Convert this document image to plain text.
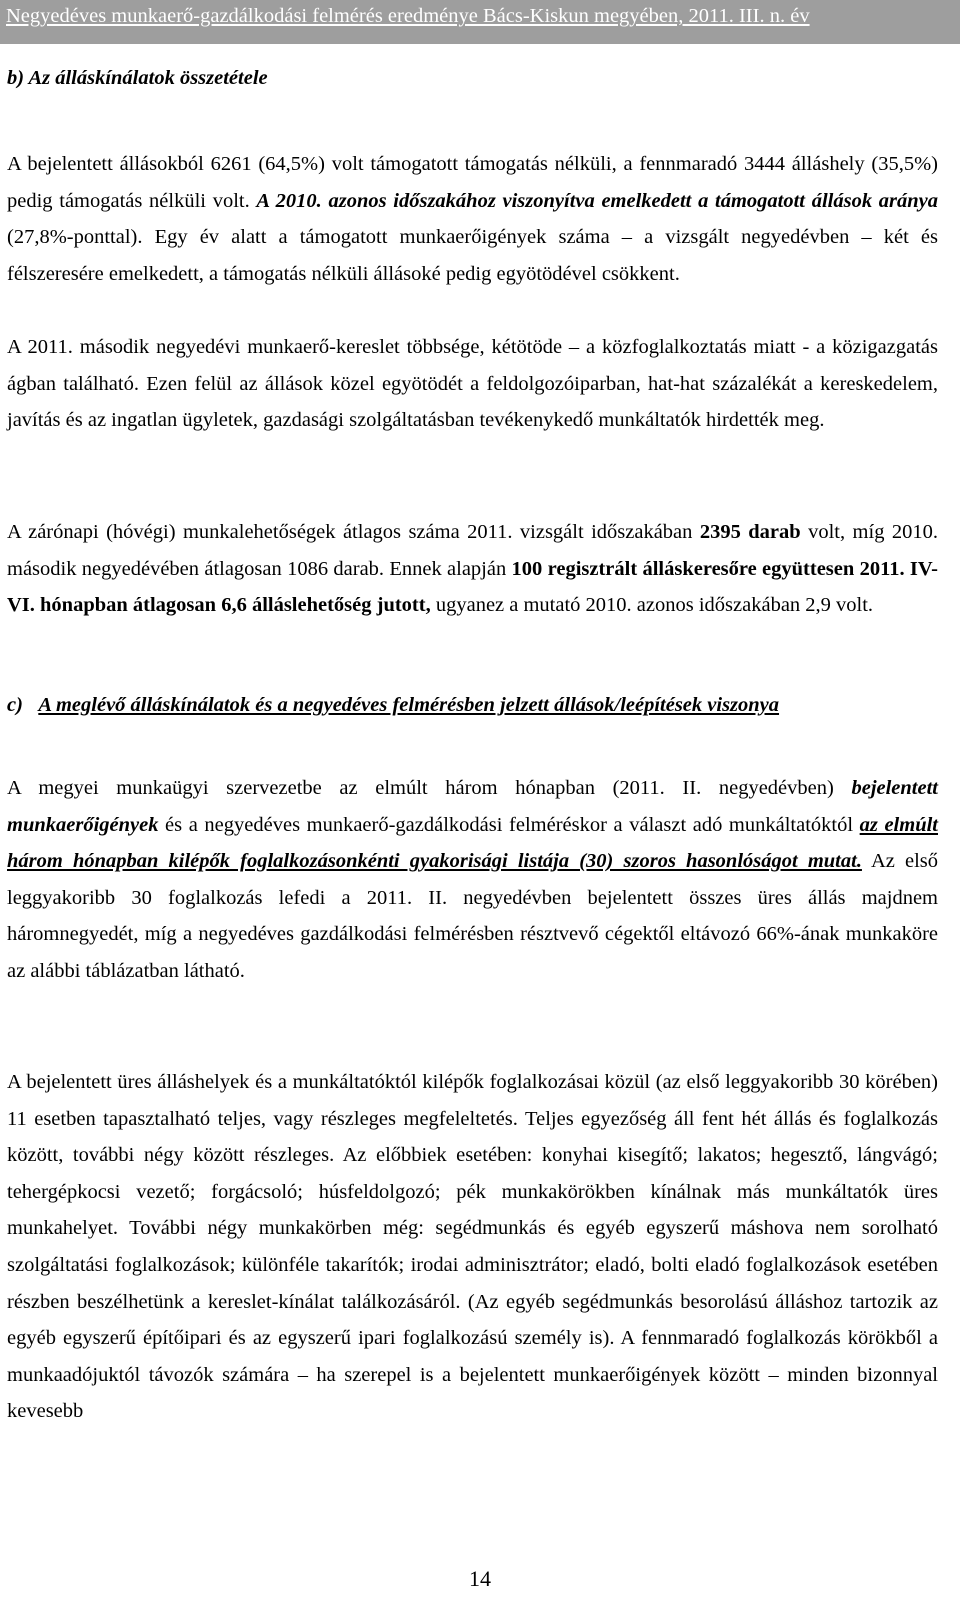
Negyedéves munkaerő-gazdálkodási felmérés eredménye Bács-Kiskun megyében, 2011. III. n. év
b) Az álláskínálatok összetétele

A bejelentett állásokból 6261 (64,5%) volt támogatott támogatás nélküli, a fennmaradó 3444 álláshely (35,5%) pedig támogatás nélküli volt. A 2010. azonos időszakához viszonyítva emelkedett a támogatott állások aránya (27,8%-ponttal). Egy év alatt a támogatott munkaerőigények száma – a vizsgált negyedévben – két és félszeresére emelkedett, a támogatás nélküli állásoké pedig egyötödével csökkent.

A 2011. második negyedévi munkaerő-kereslet többsége, kétötöde – a közfoglalkoztatás miatt - a közigazgatás ágban található. Ezen felül az állások közel egyötödét a feldolgozóiparban, hat-hat százalékát a kereskedelem, javítás és az ingatlan ügyletek, gazdasági szolgáltatásban tevékenykedő munkáltatók hirdették meg.

A zárónapi (hóvégi) munkalehetőségek átlagos száma 2011. vizsgált időszakában 2395 darab volt, míg 2010. második negyedévében átlagosan 1086 darab. Ennek alapján 100 regisztrált álláskeresőre együttesen 2011. IV-VI. hónapban átlagosan 6,6 álláslehetőség jutott, ugyanez a mutató 2010. azonos időszakában 2,9 volt.

c) A meglévő álláskínálatok és a negyedéves felmérésben jelzett állások/leépítések viszonya

A megyei munkaügyi szervezetbe az elmúlt három hónapban (2011. II. negyedévben) bejelentett munkaerőigények és a negyedéves munkaerő-gazdálkodási felméréskor a választ adó munkáltatóktól az elmúlt három hónapban kilépők foglalkozásonkénti gyakorisági listája (30) szoros hasonlóságot mutat. Az első leggyakoribb 30 foglalkozás lefedi a 2011. II. negyedévben bejelentett összes üres állás majdnem háromnegyedét, míg a negyedéves gazdálkodási felmérésben résztvevő cégektől eltávozó 66%-ának munkaköre az alábbi táblázatban látható.

A bejelentett üres álláshelyek és a munkáltatóktól kilépők foglalkozásai közül (az első leggyakoribb 30 körében) 11 esetben tapasztalható teljes, vagy részleges megfeleltetés. Teljes egyezőség áll fent hét állás és foglalkozás között, további négy között részleges. Az előbbiek esetében: konyhai kisegítő; lakatos; hegesztő, lángvágó; tehergépkocsi vezető; forgácsoló; húsfeldolgozó; pék munkakörökben kínálnak más munkáltatók üres munkahelyet. További négy munkakörben még: segédmunkás és egyéb egyszerű máshova nem sorolható szolgáltatási foglalkozások; különféle takarítók; irodai adminisztrátor; eladó, bolti eladó foglalkozások esetében részben beszélhetünk a kereslet-kínálat találkozásáról. (Az egyéb segédmunkás besorolású álláshoz tartozik az egyéb egyszerű építőipari és az egyszerű ipari foglalkozású személy is). A fennmaradó foglalkozás körökből a munkaadójuktól távozók számára – ha szerepel is a bejelentett munkaerőigények között – minden bizonnyal kevesebb

14
